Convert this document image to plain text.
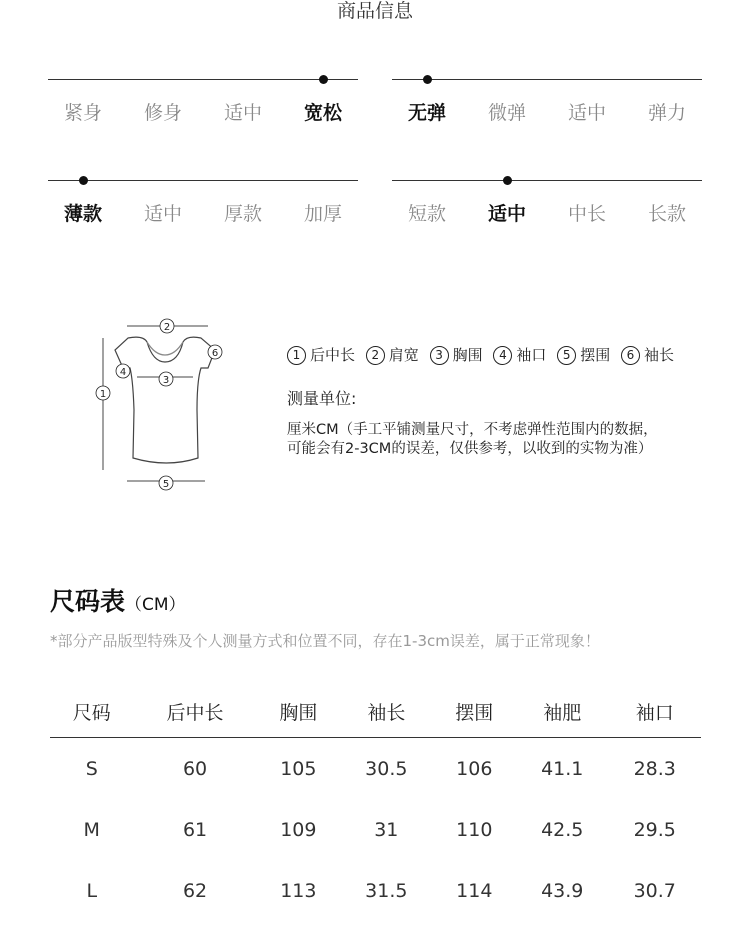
商品信息
紧身	修身	适中	宽松	无弹	微弹	适中	弹力
薄款	适中	厚款	加厚	短款	适中	中长	长款
1
2
3
4
5
6	1 后中长 2 肩宽 3 胸围 4 袖口 5 摆围 6 袖长
测量单位:
厘米CM（手工平铺测量尺寸，不考虑弹性范围内的数据，
可能会有2-3CM的误差，仅供参考，以收到的实物为准）
尺码表（CM）
*部分产品版型特殊及个人测量方式和位置不同，存在1-3cm误差，属于正常现象！
尺码	后中长	胸围	袖长	摆围	袖肥	袖口
S	60	105	30.5	106	41.1	28.3
M	61	109	31	110	42.5	29.5
L	62	113	31.5	114	43.9	30.7
